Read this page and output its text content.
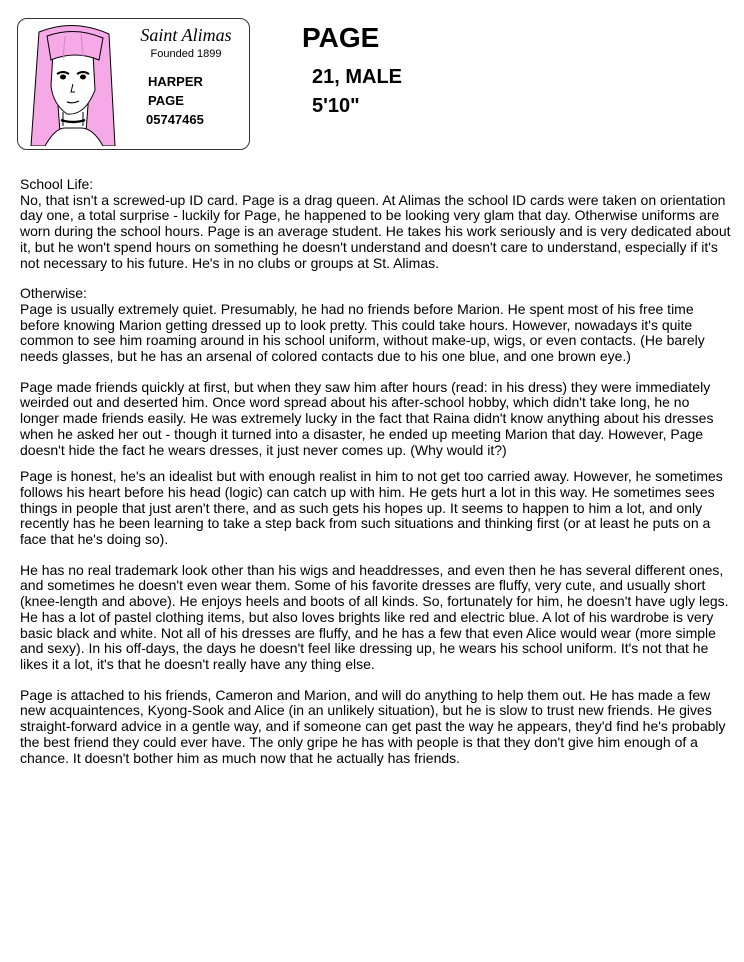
Saint Alimas
Founded 1899
HARPER
PAGE
05747465
PAGE
21, MALE
5'10"

School Life:
No, that isn't a screwed-up ID card. Page is a drag queen. At Alimas the school ID cards were taken on orientation day one, a total surprise - luckily for Page, he happened to be looking very glam that day. Otherwise uniforms are worn during the school hours. Page is an average student. He takes his work seriously and is very dedicated about it, but he won't spend hours on something he doesn't understand and doesn't care to understand, especially if it's not necessary to his future. He's in no clubs or groups at St. Alimas.

Otherwise:
Page is usually extremely quiet. Presumably, he had no friends before Marion. He spent most of his free time before knowing Marion getting dressed up to look pretty. This could take hours. However, nowadays it's quite common to see him roaming around in his school uniform, without make-up, wigs, or even contacts. (He barely needs glasses, but he has an arsenal of colored contacts due to his one blue, and one brown eye.)

Page made friends quickly at first, but when they saw him after hours (read: in his dress) they were immediately weirded out and deserted him. Once word spread about his after-school hobby, which didn't take long, he no longer made friends easily. He was extremely lucky in the fact that Raina didn't know anything about his dresses when he asked her out - though it turned into a disaster, he ended up meeting Marion that day. However, Page doesn't hide the fact he wears dresses, it just never comes up. (Why would it?)

Page is honest, he's an idealist but with enough realist in him to not get too carried away. However, he sometimes follows his heart before his head (logic) can catch up with him. He gets hurt a lot in this way. He sometimes sees things in people that just aren't there, and as such gets his hopes up. It seems to happen to him a lot, and only recently has he been learning to take a step back from such situations and thinking first (or at least he puts on a face that he's doing so).

He has no real trademark look other than his wigs and headdresses, and even then he has several different ones, and sometimes he doesn't even wear them. Some of his favorite dresses are fluffy, very cute, and usually short (knee-length and above). He enjoys heels and boots of all kinds. So, fortunately for him, he doesn't have ugly legs. He has a lot of pastel clothing items, but also loves brights like red and electric blue. A lot of his wardrobe is very basic black and white. Not all of his dresses are fluffy, and he has a few that even Alice would wear (more simple and sexy). In his off-days, the days he doesn't feel like dressing up, he wears his school uniform. It's not that he likes it a lot, it's that he doesn't really have any thing else.

Page is attached to his friends, Cameron and Marion, and will do anything to help them out. He has made a few new acquaintences, Kyong-Sook and Alice (in an unlikely situation), but he is slow to trust new friends. He gives straight-forward advice in a gentle way, and if someone can get past the way he appears, they'd find he's probably the best friend they could ever have. The only gripe he has with people is that they don't give him enough of a chance. It doesn't bother him as much now that he actually has friends.
